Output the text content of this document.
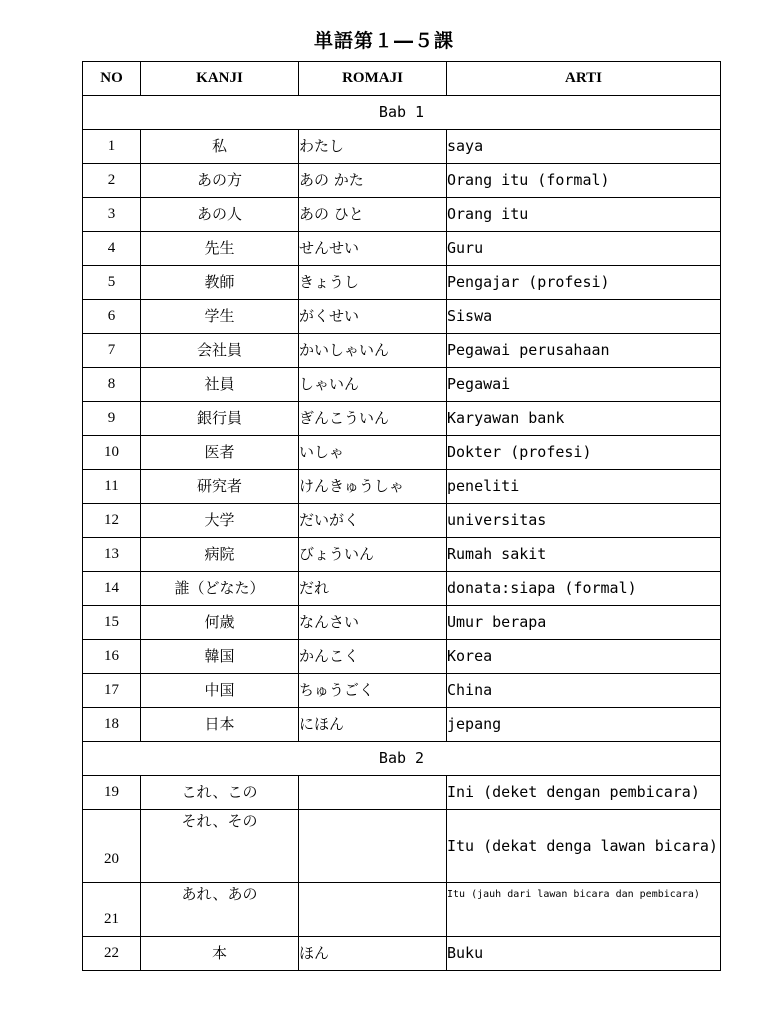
単語第１―５課
NO	KANJI	ROMAJI	ARTI
Bab 1			
1	私	わたし	saya
2	あの方	あの かた	Orang itu (formal)
3	あの人	あの ひと	Orang itu
4	先生	せんせい	Guru
5	教師	きょうし	Pengajar (profesi)
6	学生	がくせい	Siswa
7	会社員	かいしゃいん	Pegawai perusahaan
8	社員	しゃいん	Pegawai
9	銀行員	ぎんこういん	Karyawan bank
10	医者	いしゃ	Dokter (profesi)
11	研究者	けんきゅうしゃ	peneliti
12	大学	だいがく	universitas
13	病院	びょういん	Rumah sakit
14	誰（どなた）	だれ	donata:siapa (formal)
15	何歳	なんさい	Umur berapa
16	韓国	かんこく	Korea
17	中国	ちゅうごく	China
18	日本	にほん	jepang
Bab 2			
19	これ、この		Ini (deket dengan pembicara)
20	それ、その		Itu (dekat denga lawan bicara)
21	あれ、あの		Itu (jauh dari lawan bicara dan pembicara)
22	本	ほん	Buku
